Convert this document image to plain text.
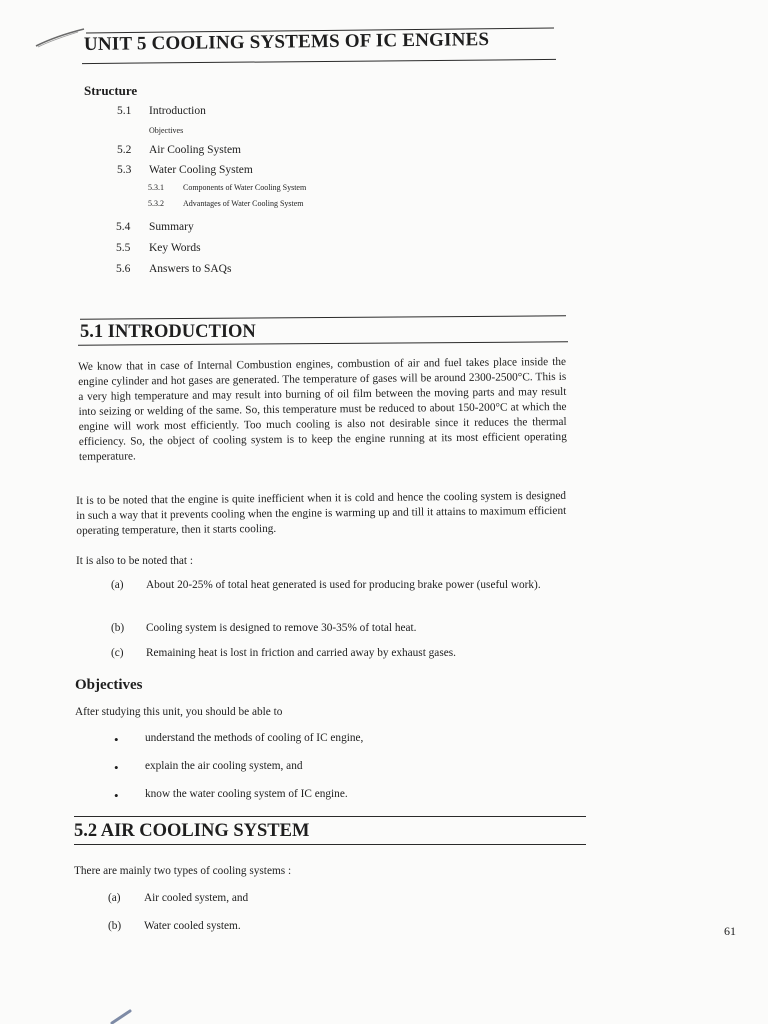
UNIT 5 COOLING SYSTEMS OF IC ENGINES
Structure
5.1 Introduction
Objectives
5.2 Air Cooling System
5.3 Water Cooling System
5.3.1 Components of Water Cooling System
5.3.2 Advantages of Water Cooling System
5.4 Summary
5.5 Key Words
5.6 Answers to SAQs
5.1 INTRODUCTION

We know that in case of Internal Combustion engines, combustion of air and fuel takes place inside the engine cylinder and hot gases are generated. The temperature of gases will be around 2300-2500°C. This is a very high temperature and may result into burning of oil film between the moving parts and may result into seizing or welding of the same. So, this temperature must be reduced to about 150-200°C at which the engine will work most efficiently. Too much cooling is also not desirable since it reduces the thermal efficiency. So, the object of cooling system is to keep the engine running at its most efficient operating temperature.

It is to be noted that the engine is quite inefficient when it is cold and hence the cooling system is designed in such a way that it prevents cooling when the engine is warming up and till it attains to maximum efficient operating temperature, then it starts cooling.

It is also to be noted that :

(a) About 20-25% of total heat generated is used for producing brake power (useful work).
(b) Cooling system is designed to remove 30-35% of total heat.
(c) Remaining heat is lost in friction and carried away by exhaust gases.
Objectives

After studying this unit, you should be able to

• understand the methods of cooling of IC engine,
• explain the air cooling system, and
• know the water cooling system of IC engine.
5.2 AIR COOLING SYSTEM

There are mainly two types of cooling systems :

(a) Air cooled system, and
(b) Water cooled system.	61
